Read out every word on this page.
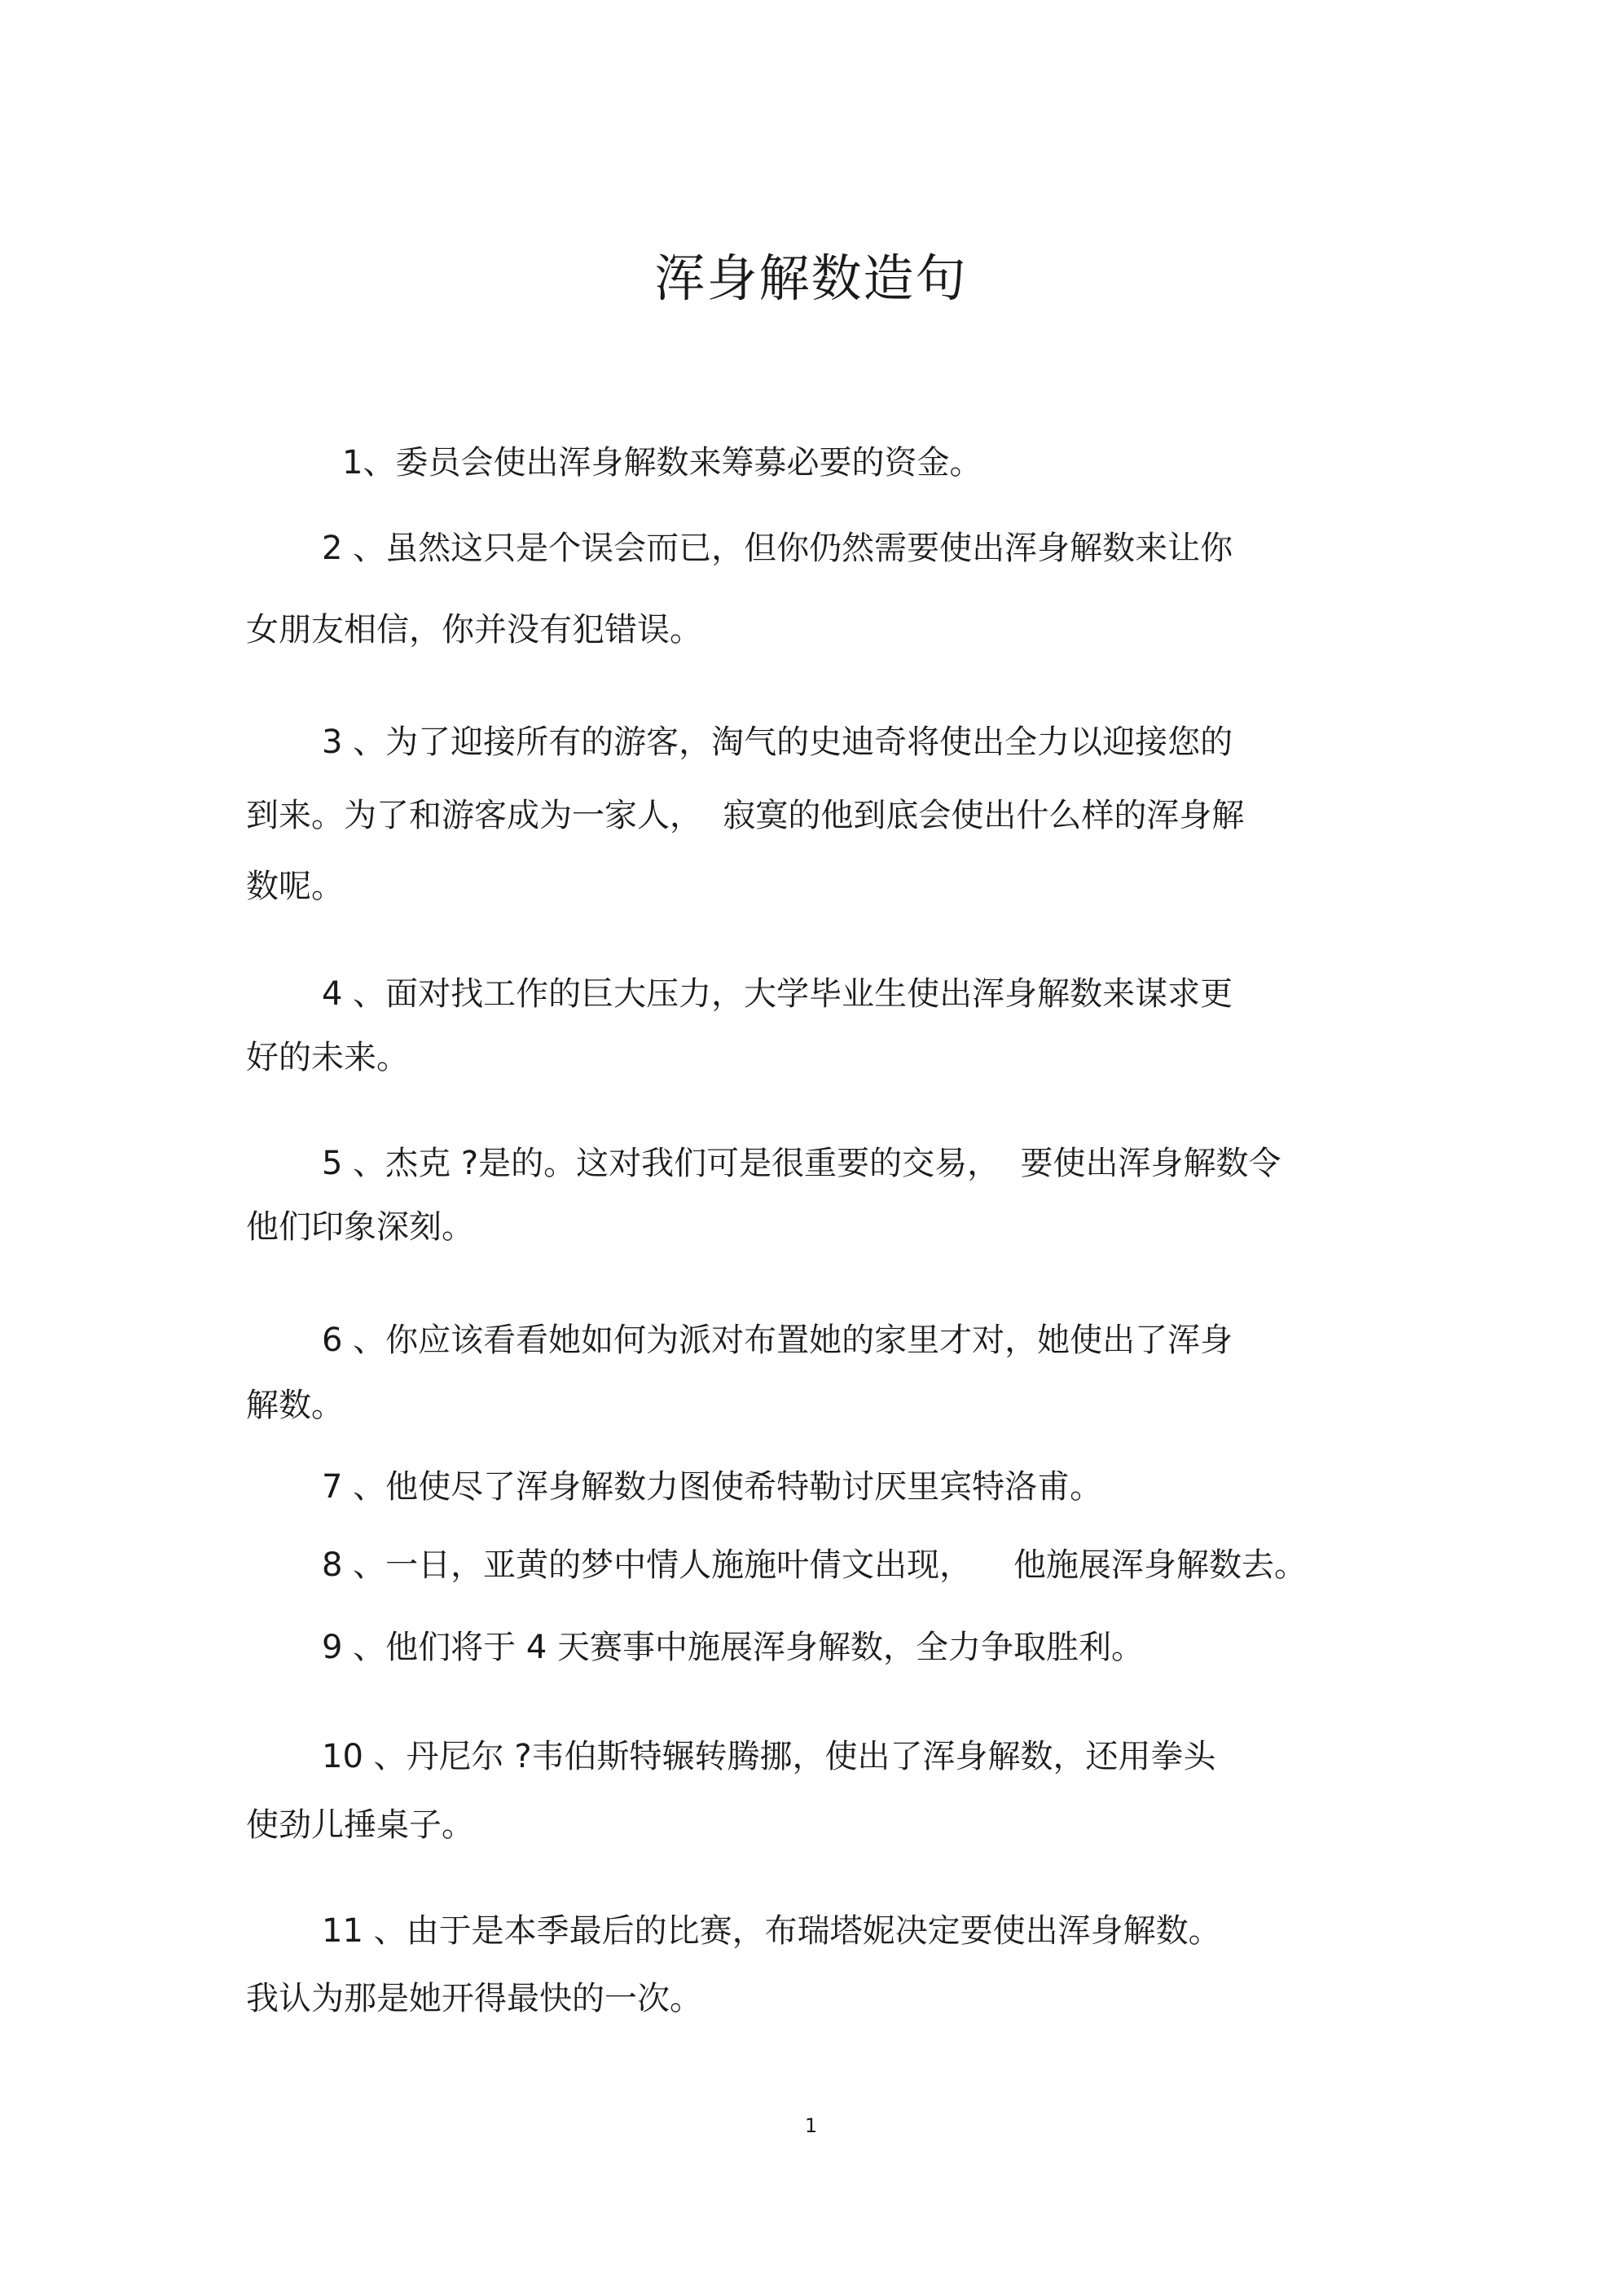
浑身解数造句
1、委员会使出浑身解数来筹募必要的资金。
2 、虽然这只是个误会而已，但你仍然需要使出浑身解数来让你
女朋友相信，你并没有犯错误。
3 、为了迎接所有的游客，淘气的史迪奇将使出全力以迎接您的
到来。为了和游客成为一家人，  寂寞的他到底会使出什么样的浑身解
数呢。
4 、面对找工作的巨大压力，大学毕业生使出浑身解数来谋求更
好的未来。
5 、杰克 ?是的。这对我们可是很重要的交易，  要使出浑身解数令
他们印象深刻。
6 、你应该看看她如何为派对布置她的家里才对，她使出了浑身
解数。
7 、他使尽了浑身解数力图使希特勒讨厌里宾特洛甫。
8 、一日，亚黄的梦中情人施施叶倩文出现，    他施展浑身解数去。
9 、他们将于 4 天赛事中施展浑身解数，全力争取胜利。
10 、丹尼尔 ?韦伯斯特辗转腾挪，使出了浑身解数，还用拳头
使劲儿捶桌子。
11 、由于是本季最后的比赛，布瑞塔妮决定要使出浑身解数。
我认为那是她开得最快的一次。
1
